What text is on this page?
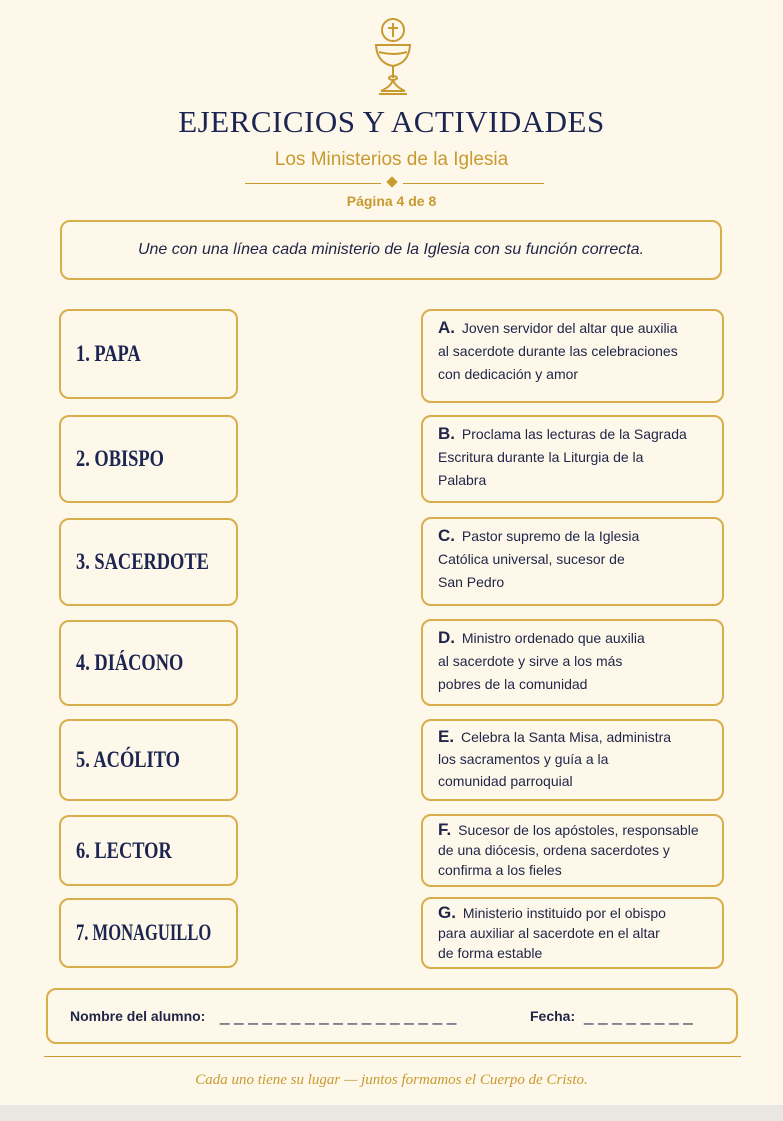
EJERCICIOS Y ACTIVIDADES
Los Ministerios de la Iglesia
Página 4 de 8
Une con una línea cada ministerio de la Iglesia con su función correcta.
1. PAPA
2. OBISPO
3. SACERDOTE
4. DIÁCONO
5. ACÓLITO
6. LECTOR
7. MONAGUILLO
A. Joven servidor del altar que auxilia
al sacerdote durante las celebraciones
con dedicación y amor
B. Proclama las lecturas de la Sagrada
Escritura durante la Liturgia de la
Palabra
C. Pastor supremo de la Iglesia
Católica universal, sucesor de
San Pedro
D. Ministro ordenado que auxilia
al sacerdote y sirve a los más
pobres de la comunidad
E. Celebra la Santa Misa, administra
los sacramentos y guía a la
comunidad parroquial
F. Sucesor de los apóstoles, responsable
de una diócesis, ordena sacerdotes y
confirma a los fieles
G. Ministerio instituido por el obispo
para auxiliar al sacerdote en el altar
de forma estable
Nombre del alumno: _ _ _ _ _ _ _ _ _ _ _ _ _ _ _ _ _	Fecha: _ _ _ _ _ _ _ _
Cada uno tiene su lugar — juntos formamos el Cuerpo de Cristo.
